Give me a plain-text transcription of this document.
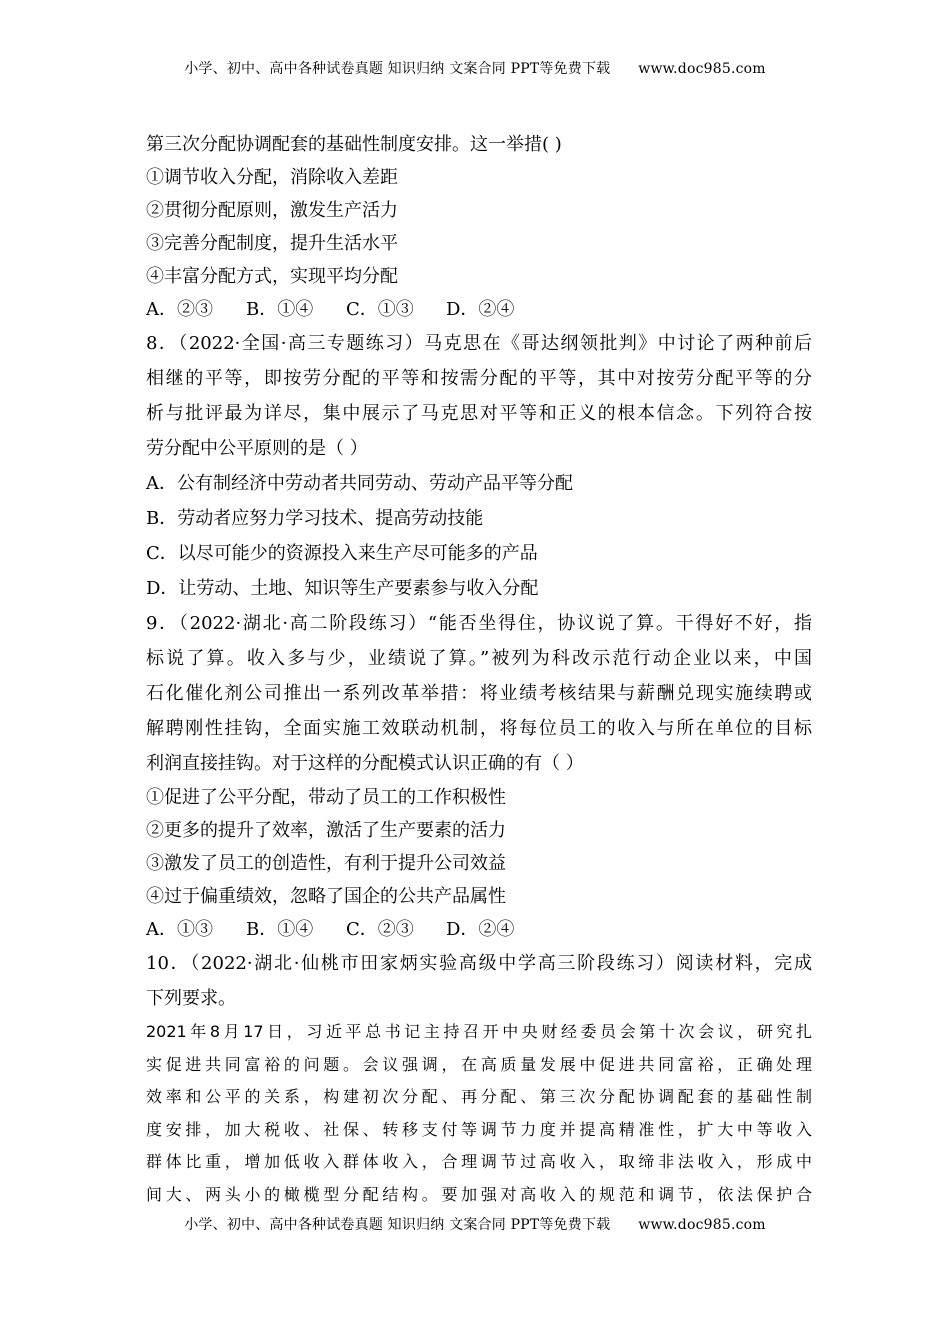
小学、初中、高中各种试卷真题 知识归纳 文案合同 PPT等免费下载 www.doc985.com
第三次分配协调配套的基础性制度安排。这一举措( )
①调节收入分配，消除收入差距
②贯彻分配原则，激发生产活力
③完善分配制度，提升生活水平
④丰富分配方式，实现平均分配
A．②③ B．①④ C．①③ D．②④
8．（2022·全国·高三专题练习）马克思在《哥达纲领批判》中讨论了两种前后
相继的平等，即按劳分配的平等和按需分配的平等，其中对按劳分配平等的分
析与批评最为详尽，集中展示了马克思对平等和正义的根本信念。下列符合按
劳分配中公平原则的是（ ）
A．公有制经济中劳动者共同劳动、劳动产品平等分配
B．劳动者应努力学习技术、提高劳动技能
C．以尽可能少的资源投入来生产尽可能多的产品
D．让劳动、土地、知识等生产要素参与收入分配
9．（2022·湖北·高二阶段练习）“能否坐得住，协议说了算。干得好不好，指
标说了算。收入多与少，业绩说了算。”被列为科改示范行动企业以来，中国
石化催化剂公司推出一系列改革举措：将业绩考核结果与薪酬兑现实施续聘或
解聘刚性挂钩，全面实施工效联动机制，将每位员工的收入与所在单位的目标
利润直接挂钩。对于这样的分配模式认识正确的有（ ）
①促进了公平分配，带动了员工的工作积极性
②更多的提升了效率，激活了生产要素的活力
③激发了员工的创造性，有利于提升公司效益
④过于偏重绩效，忽略了国企的公共产品属性
A．①③ B．①④ C．②③ D．②④
10．（2022·湖北·仙桃市田家炳实验高级中学高三阶段练习）阅读材料，完成
下列要求。
2021年8月17日，习近平总书记主持召开中央财经委员会第十次会议，研究扎
实促进共同富裕的问题。会议强调，在高质量发展中促进共同富裕，正确处理
效率和公平的关系，构建初次分配、再分配、第三次分配协调配套的基础性制
度安排，加大税收、社保、转移支付等调节力度并提高精准性，扩大中等收入
群体比重，增加低收入群体收入，合理调节过高收入，取缔非法收入，形成中
间大、两头小的橄榄型分配结构。要加强对高收入的规范和调节，依法保护合
小学、初中、高中各种试卷真题 知识归纳 文案合同 PPT等免费下载 www.doc985.com
